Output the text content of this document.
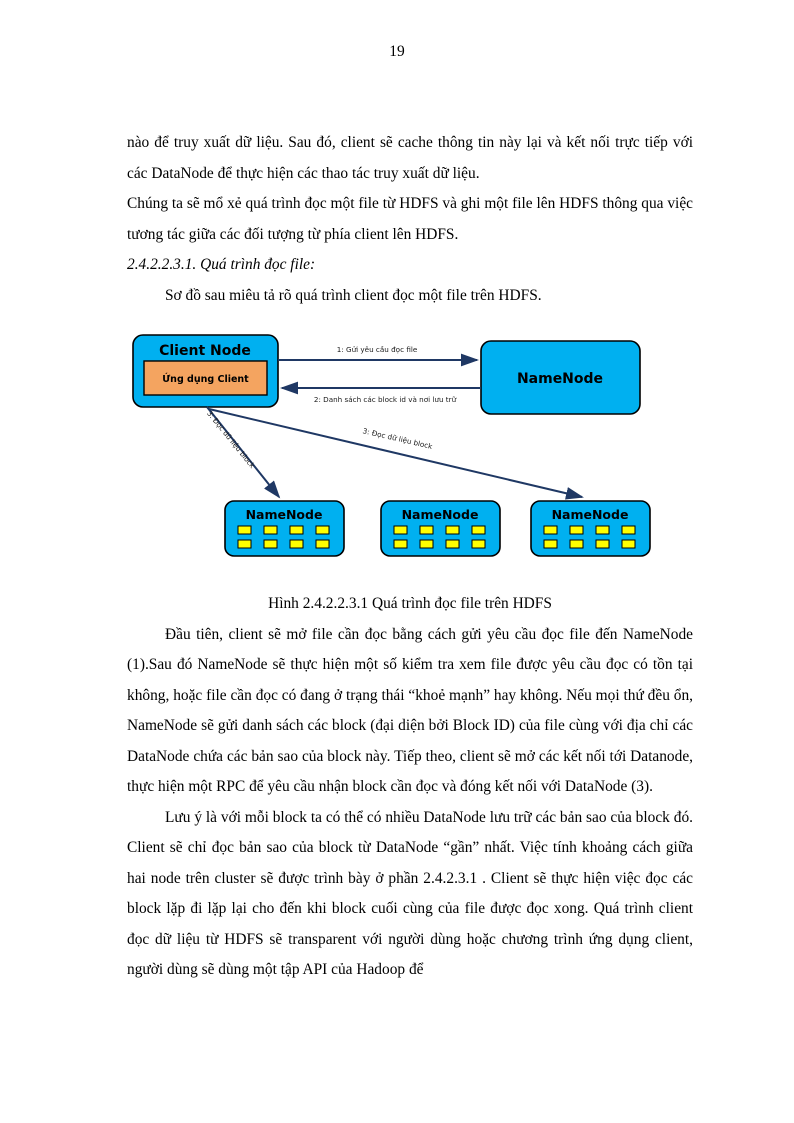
19

nào để truy xuất dữ liệu. Sau đó, client sẽ cache thông tin này lại và kết nối trực tiếp với các DataNode để thực hiện các thao tác truy xuất dữ liệu.

Chúng ta sẽ mổ xẻ quá trình đọc một file từ HDFS và ghi một file lên HDFS thông qua việc tương tác giữa các đối tượng từ phía client lên HDFS.

2.4.2.2.3.1. Quá trình đọc file:

Sơ đồ sau miêu tả rõ quá trình client đọc một file trên HDFS.

Client Node
Ứng dụng Client	NameNode
NameNode	NameNode	NameNode
1: Gửi yêu cầu đọc file
2: Danh sách các block id và nơi lưu trữ
3: Đọc dữ liệu block	3: Đọc dữ liệu block

Hình 2.4.2.2.3.1 Quá trình đọc file trên HDFS

Đầu tiên, client sẽ mở file cần đọc bằng cách gửi yêu cầu đọc file đến NameNode (1).Sau đó NameNode sẽ thực hiện một số kiểm tra xem file được yêu cầu đọc có tồn tại không, hoặc file cần đọc có đang ở trạng thái “khoẻ mạnh” hay không. Nếu mọi thứ đều ổn, NameNode sẽ gửi danh sách các block (đại diện bởi Block ID) của file cùng với địa chỉ các DataNode chứa các bản sao của block này. Tiếp theo, client sẽ mở các kết nối tới Datanode, thực hiện một RPC để yêu cầu nhận block cần đọc và đóng kết nối với DataNode (3).

Lưu ý là với mỗi block ta có thể có nhiều DataNode lưu trữ các bản sao của block đó. Client sẽ chỉ đọc bản sao của block từ DataNode “gần” nhất. Việc tính khoảng cách giữa hai node trên cluster sẽ được trình bày ở phần 2.4.2.3.1 . Client sẽ thực hiện việc đọc các block lặp đi lặp lại cho đến khi block cuối cùng của file được đọc xong. Quá trình client đọc dữ liệu từ HDFS sẽ transparent với người dùng hoặc chương trình ứng dụng client, người dùng sẽ dùng một tập API của Hadoop để
